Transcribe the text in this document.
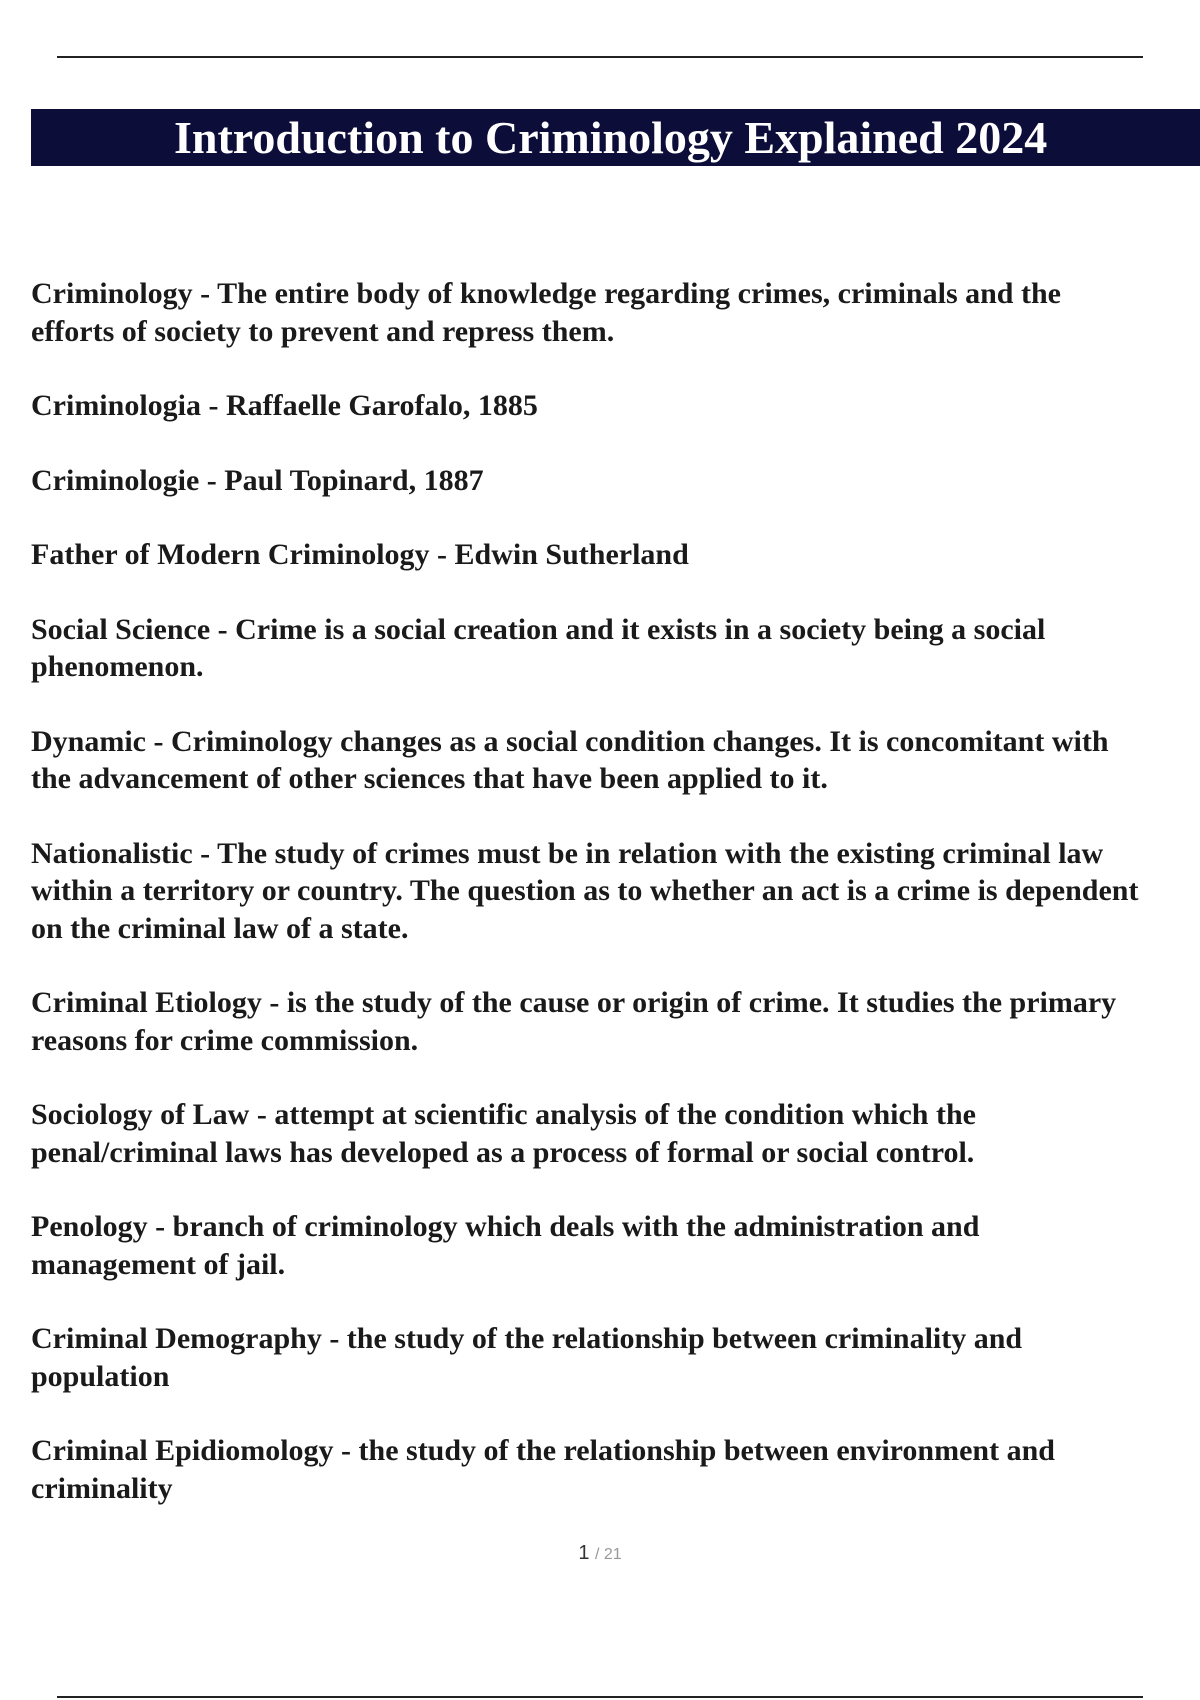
Introduction to Criminology Explained 2024

Criminology - The entire body of knowledge regarding crimes, criminals and the

efforts of society to prevent and repress them.

Criminologia - Raffaelle Garofalo, 1885

Criminologie - Paul Topinard, 1887

Father of Modern Criminology - Edwin Sutherland

Social Science - Crime is a social creation and it exists in a society being a social

phenomenon.

Dynamic - Criminology changes as a social condition changes. It is concomitant with

the advancement of other sciences that have been applied to it.

Nationalistic - The study of crimes must be in relation with the existing criminal law

within a territory or country. The question as to whether an act is a crime is dependent

on the criminal law of a state.

Criminal Etiology - is the study of the cause or origin of crime. It studies the primary

reasons for crime commission.

Sociology of Law - attempt at scientific analysis of the condition which the

penal/criminal laws has developed as a process of formal or social control.

Penology - branch of criminology which deals with the administration and

management of jail.

Criminal Demography - the study of the relationship between criminality and

population

Criminal Epidiomology - the study of the relationship between environment and

criminality

1 / 21
